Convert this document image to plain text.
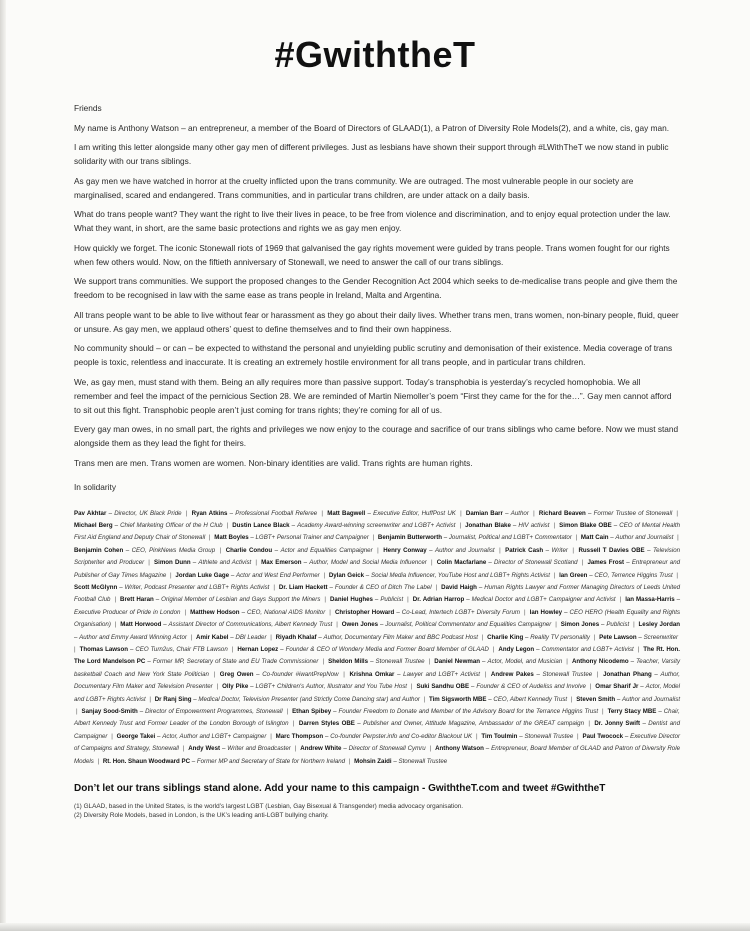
#GwiththeT

Friends

My name is Anthony Watson – an entrepreneur, a member of the Board of Directors of GLAAD(1), a Patron of Diversity Role Models(2), and a white, cis, gay man.

I am writing this letter alongside many other gay men of different privileges. Just as lesbians have shown their support through #LWithTheT we now stand in public solidarity with our trans siblings.

As gay men we have watched in horror at the cruelty inflicted upon the trans community. We are outraged. The most vulnerable people in our society are marginalised, scared and endangered. Trans communities, and in particular trans children, are under attack on a daily basis.

What do trans people want? They want the right to live their lives in peace, to be free from violence and discrimination, and to enjoy equal protection under the law. What they want, in short, are the same basic protections and rights we as gay men enjoy.

How quickly we forget. The iconic Stonewall riots of 1969 that galvanised the gay rights movement were guided by trans people. Trans women fought for our rights when few others would. Now, on the fiftieth anniversary of Stonewall, we need to answer the call of our trans siblings.

We support trans communities. We support the proposed changes to the Gender Recognition Act 2004 which seeks to de-medicalise trans people and give them the freedom to be recognised in law with the same ease as trans people in Ireland, Malta and Argentina.

All trans people want to be able to live without fear or harassment as they go about their daily lives. Whether trans men, trans women, non-binary people, fluid, queer or unsure. As gay men, we applaud others’ quest to define themselves and to find their own happiness.

No community should – or can – be expected to withstand the personal and unyielding public scrutiny and demonisation of their existence. Media coverage of trans people is toxic, relentless and inaccurate. It is creating an extremely hostile environment for all trans people, and in particular trans children.

We, as gay men, must stand with them. Being an ally requires more than passive support. Today’s transphobia is yesterday’s recycled homophobia. We all remember and feel the impact of the pernicious Section 28. We are reminded of Martin Niemoller’s poem “First they came for the for the…”. Gay men cannot afford to sit out this fight. Transphobic people aren’t just coming for trans rights; they’re coming for all of us.

Every gay man owes, in no small part, the rights and privileges we now enjoy to the courage and sacrifice of our trans siblings who came before. Now we must stand alongside them as they lead the fight for theirs.

Trans men are men. Trans women are women. Non-binary identities are valid. Trans rights are human rights.

In solidarity

Pav Akhtar – Director, UK Black Pride | Ryan Atkins – Professional Football Referee | Matt Bagwell – Executive Editor, HuffPost UK | Damian Barr – Author | Richard Beaven – Former Trustee of Stonewall | Michael Berg – Chief Marketing Officer of the H Club | Dustin Lance Black – Academy Award-winning screenwriter and LGBT+ Activist | Jonathan Blake – HIV activist | Simon Blake OBE – CEO of Mental Health First Aid England and Deputy Chair of Stonewall | Matt Boyles – LGBT+ Personal Trainer and Campaigner | Benjamin Butterworth – Journalist, Political and LGBT+ Commentator | Matt Cain – Author and Journalist | Benjamin Cohen – CEO, PinkNews Media Group | Charlie Condou – Actor and Equalities Campaigner | Henry Conway – Author and Journalist | Patrick Cash – Writer | Russell T Davies OBE – Television Scriptwriter and Producer | Simon Dunn – Athlete and Activist | Max Emerson – Author, Model and Social Media Influencer | Colin Macfarlane – Director of Stonewall Scotland | James Frost – Entrepreneur and Publisher of Gay Times Magazine | Jordan Luke Gage – Actor and West End Performer | Dylan Geick – Social Media Influencer, YouTube Host and LGBT+ Rights Activist | Ian Green – CEO, Terrence Higgins Trust | Scott McGlynn – Writer, Podcast Presenter and LGBT+ Rights Activist | Dr. Liam Hackett – Founder & CEO of Ditch The Label | David Haigh – Human Rights Lawyer and Former Managing Directors of Leeds United Football Club | Brett Haran – Original Member of Lesbian and Gays Support the Miners | Daniel Hughes – Publicist | Dr. Adrian Harrop – Medical Doctor and LGBT+ Campaigner and Activist | Ian Massa-Harris – Executive Producer of Pride in London | Matthew Hodson – CEO, National AIDS Monitor | Christopher Howard – Co-Lead, Intertech LGBT+ Diversity Forum | Ian Howley – CEO HERO (Health Equality and Rights Organisation) | Matt Horwood – Assistant Director of Communications, Albert Kennedy Trust | Owen Jones – Journalist, Political Commentator and Equalities Campaigner | Simon Jones – Publicist | Lesley Jordan – Author and Emmy Award Winning Actor | Amir Kabel – DBI Leader | Riyadh Khalaf – Author, Documentary Film Maker and BBC Podcast Host | Charlie King – Reality TV personality | Pete Lawson – Screenwriter | Thomas Lawson – CEO Turn2us, Chair FTB Lawson | Hernan Lopez – Founder & CEO of Wondery Media and Former Board Member of GLAAD | Andy Legon – Commentator and LGBT+ Activist | The Rt. Hon. The Lord Mandelson PC – Former MP, Secretary of State and EU Trade Commissioner | Sheldon Mills – Stonewall Trustee | Daniel Newman – Actor, Model, and Musician | Anthony Nicodemo – Teacher, Varsity basketball Coach and New York State Politician | Greg Owen – Co-founder #iwantPrepNow | Krishna Omkar – Lawyer and LGBT+ Activist | Andrew Pakes – Stonewall Trustee | Jonathan Phang – Author, Documentary Film Maker and Television Presenter | Olly Pike – LGBT+ Children's Author, Illustrator and You Tube Host | Suki Sandhu OBE – Founder & CEO of Audeliss and Involve | Omar Sharif Jr – Actor, Model and LGBT+ Rights Activist | Dr Ranj Sing – Medical Doctor, Television Presenter (and Strictly Come Dancing star) and Author | Tim Sigsworth MBE – CEO, Albert Kennedy Trust | Steven Smith – Author and Journalist | Sanjay Sood-Smith – Director of Empowerment Programmes, Stonewall | Ethan Spibey – Founder Freedom to Donate and Member of the Advisory Board for the Terrance Higgins Trust | Terry Stacy MBE – Chair, Albert Kennedy Trust and Former Leader of the London Borough of Islington | Darren Styles OBE – Publisher and Owner, Attitude Magazine, Ambassador of the GREAT campaign | Dr. Jonny Swift – Dentist and Campaigner | George Takei – Actor, Author and LGBT+ Campaigner | Marc Thompson – Co-founder Perpster.info and Co-editor Blackout UK | Tim Toulmin – Stonewall Trustee | Paul Twocock – Executive Director of Campaigns and Strategy, Stonewall | Andy West – Writer and Broadcaster | Andrew White – Director of Stonewall Cymru | Anthony Watson – Entrepreneur, Board Member of GLAAD and Patron of Diversity Role Models | Rt. Hon. Shaun Woodward PC – Former MP and Secretary of State for Northern Ireland | Mohsin Zaidi – Stonewall Trustee

Don’t let our trans siblings stand alone. Add your name to this campaign - GwiththeT.com and tweet #GwiththeT

(1) GLAAD, based in the United States, is the world’s largest LGBT (Lesbian, Gay Bisexual & Transgender) media advocacy organisation.
(2) Diversity Role Models, based in London, is the UK’s leading anti-LGBT bullying charity.
